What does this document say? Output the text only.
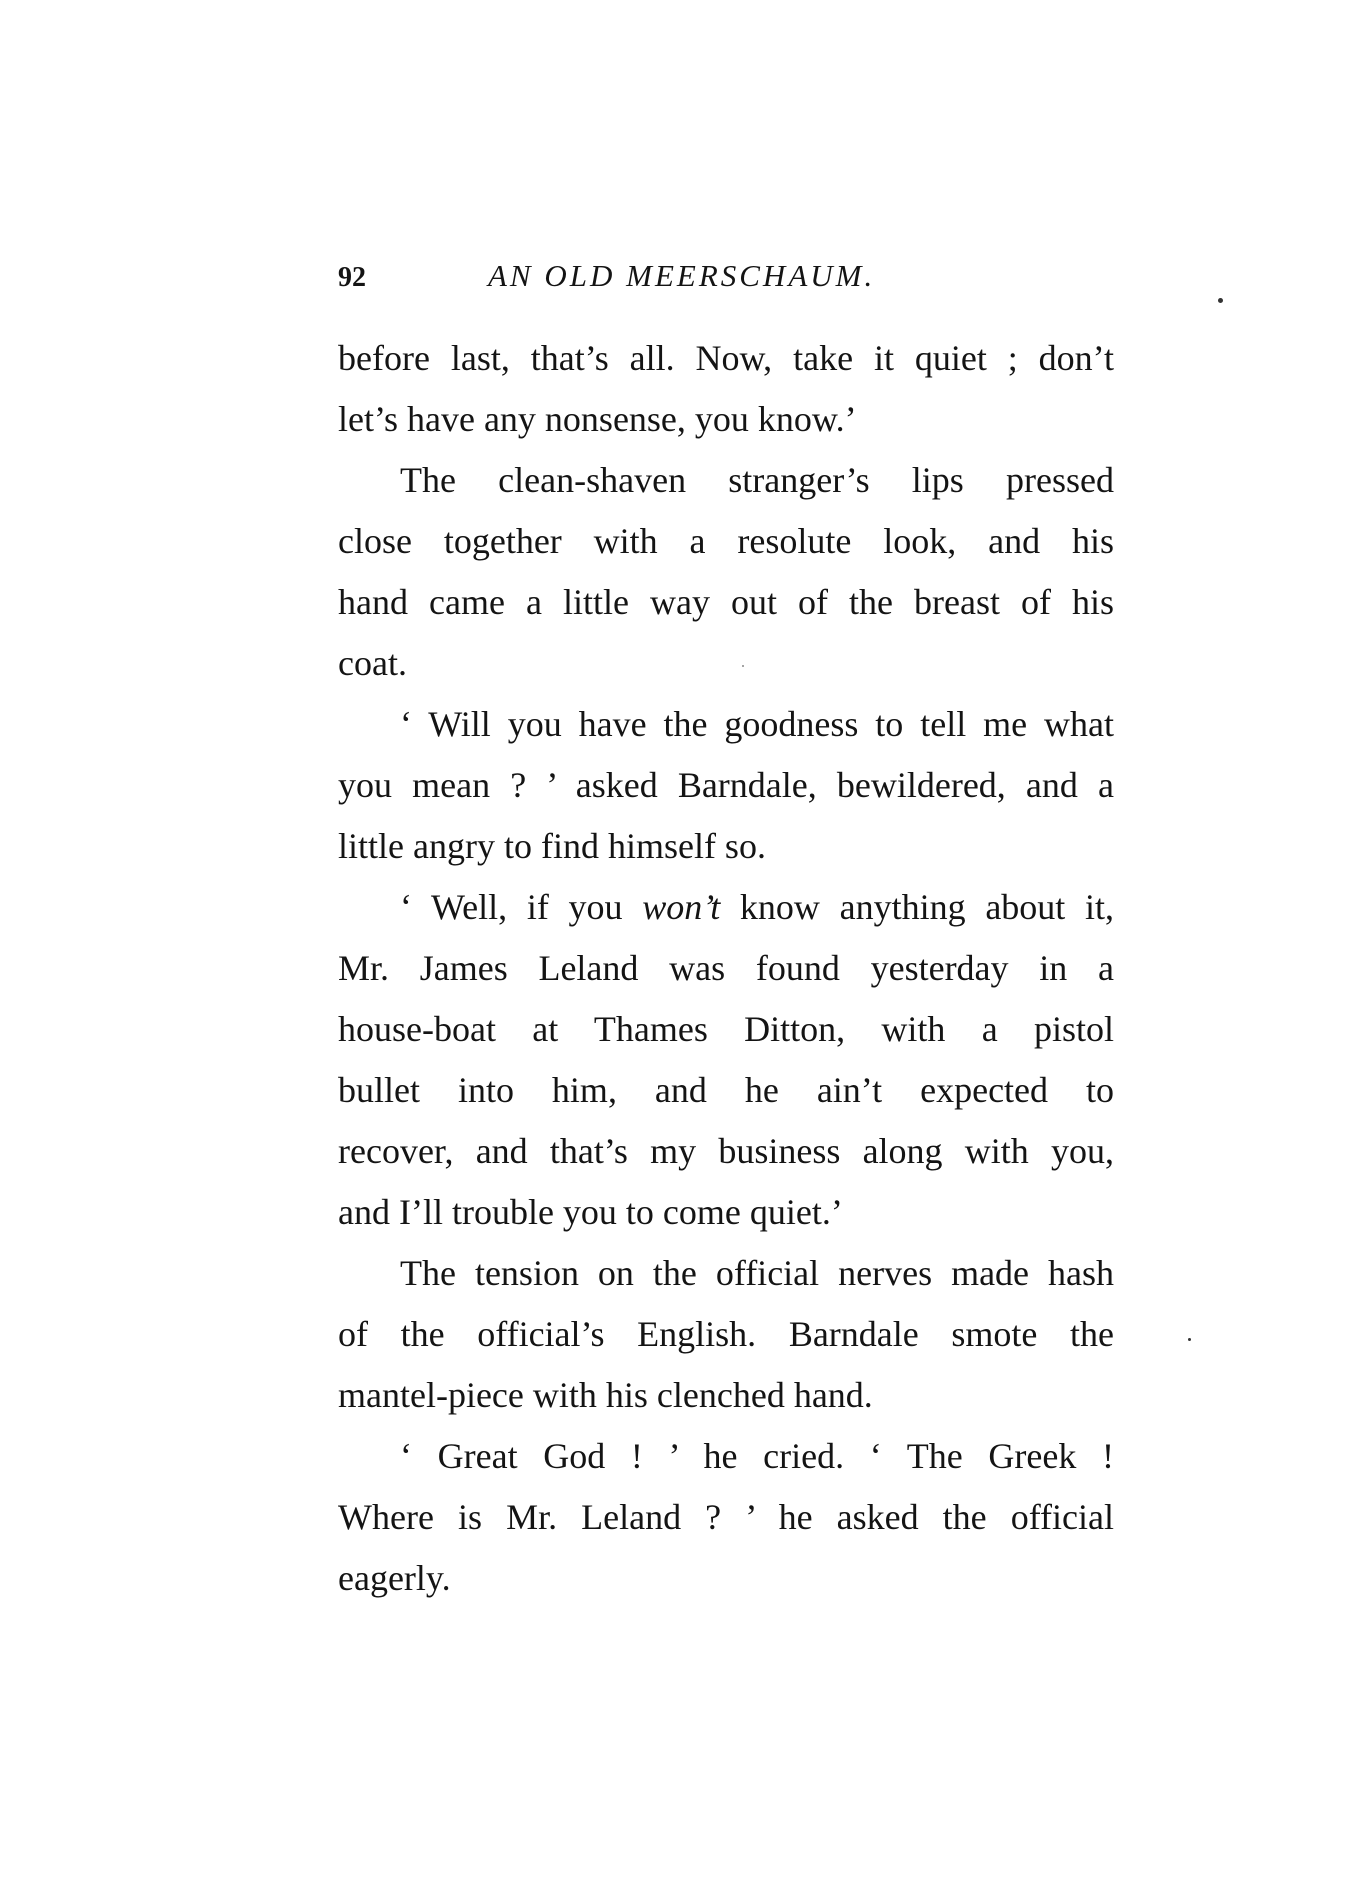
92	AN OLD MEERSCHAUM.

before last, that’s all. Now, take it quiet ; don’t
let’s have any nonsense, you know.’

The clean-shaven stranger’s lips pressed
close together with a resolute look, and his
hand came a little way out of the breast of his
coat.

‘ Will you have the goodness to tell me what
you mean ? ’ asked Barndale, bewildered, and a
little angry to find himself so.

‘ Well, if you won’t know anything about it,
Mr. James Leland was found yesterday in a
house-boat at Thames Ditton, with a pistol
bullet into him, and he ain’t expected to
recover, and that’s my business along with you,
and I’ll trouble you to come quiet.’

The tension on the official nerves made hash
of the official’s English. Barndale smote the
mantel-piece with his clenched hand.

‘ Great God ! ’ he cried. ‘ The Greek !
Where is Mr. Leland ? ’ he asked the official
eagerly.
